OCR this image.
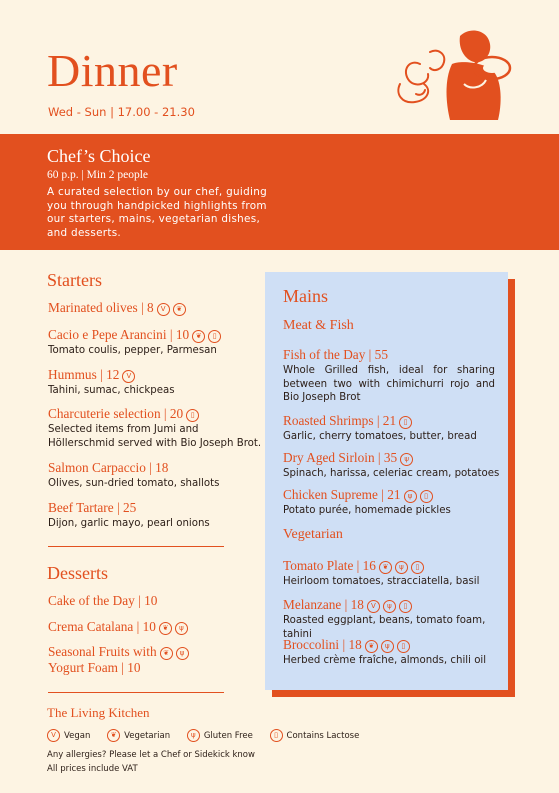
Dinner
Wed - Sun | 17.00 - 21.30
Chef’s Choice
60 p.p. | Min 2 people
A curated selection by our chef, guiding you through handpicked highlights from our starters, mains, vegetarian dishes, and desserts.
Starters
Marinated olives | 8 V ❦
Cacio e Pepe Arancini | 10 ❦ ▯
Tomato coulis, pepper, Parmesan
Hummus | 12 V
Tahini, sumac, chickpeas
Charcuterie selection | 20 ▯
Selected items from Jumi and Höllerschmid served with Bio Joseph Brot.
Salmon Carpaccio | 18
Olives, sun-dried tomato, shallots
Beef Tartare | 25
Dijon, garlic mayo, pearl onions
Desserts
Cake of the Day | 10
Crema Catalana | 10 ❦ ψ
Seasonal Fruits with ❦ ψ
Yogurt Foam | 10
Mains
Meat & Fish
Fish of the Day | 55
Whole Grilled fish, ideal for sharing between two with chimichurri rojo and Bio Joseph Brot
Roasted Shrimps | 21 ▯
Garlic, cherry tomatoes, butter, bread
Dry Aged Sirloin | 35 ψ
Spinach, harissa, celeriac cream, potatoes
Chicken Supreme | 21 ψ ▯
Potato purée, homemade pickles
Vegetarian
Tomato Plate | 16 ❦ ψ ▯
Heirloom tomatoes, stracciatella, basil
Melanzane | 18 V ψ ▯
Roasted eggplant, beans, tomato foam, tahini
Broccolini | 18 ❦ ψ ▯
Herbed crème fraîche, almonds, chili oil
The Living Kitchen
V Vegan	❦ Vegetarian	ψ Gluten Free	▯ Contains Lactose
Any allergies? Please let a Chef or Sidekick know
All prices include VAT
